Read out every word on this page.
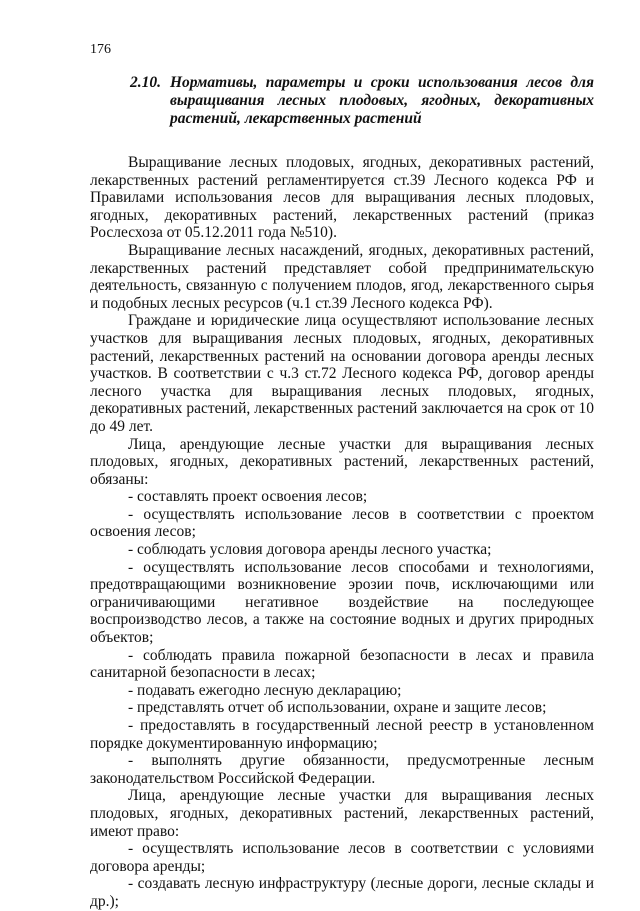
176
2.10. Нормативы, параметры и сроки использования лесов для выращивания лесных плодовых, ягодных, декоративных растений, лекарственных растений

Выращивание лесных плодовых, ягодных, декоративных растений, лекарственных растений регламентируется ст.39 Лесного кодекса РФ и Правилами использования лесов для выращивания лесных плодовых, ягодных, декоративных растений, лекарственных растений (приказ Рослесхоза от 05.12.2011 года №510).

Выращивание лесных насаждений, ягодных, декоративных растений, лекарственных растений представляет собой предпринимательскую деятельность, связанную с получением плодов, ягод, лекарственного сырья и подобных лесных ресурсов (ч.1 ст.39 Лесного кодекса РФ).

Граждане и юридические лица осуществляют использование лесных участков для выращивания лесных плодовых, ягодных, декоративных растений, лекарственных растений на основании договора аренды лесных участков. В соответствии с ч.3 ст.72 Лесного кодекса РФ, договор аренды лесного участка для выращивания лесных плодовых, ягодных, декоративных растений, лекарственных растений заключается на срок от 10 до 49 лет.

Лица, арендующие лесные участки для выращивания лесных плодовых, ягодных, декоративных растений, лекарственных растений, обязаны:

- составлять проект освоения лесов;

- осуществлять использование лесов в соответствии с проектом освоения лесов;

- соблюдать условия договора аренды лесного участка;

- осуществлять использование лесов способами и технологиями, предотвращающими возникновение эрозии почв, исключающими или ограничивающими негативное воздействие на последующее воспроизводство лесов, а также на состояние водных и других природных объектов;

- соблюдать правила пожарной безопасности в лесах и правила санитарной безопасности в лесах;

- подавать ежегодно лесную декларацию;

- представлять отчет об использовании, охране и защите лесов;

- предоставлять в государственный лесной реестр в установленном порядке документированную информацию;

- выполнять другие обязанности, предусмотренные лесным законодательством Российской Федерации.

Лица, арендующие лесные участки для выращивания лесных плодовых, ягодных, декоративных растений, лекарственных растений, имеют право:

- осуществлять использование лесов в соответствии с условиями договора аренды;

- создавать лесную инфраструктуру (лесные дороги, лесные склады и др.);
